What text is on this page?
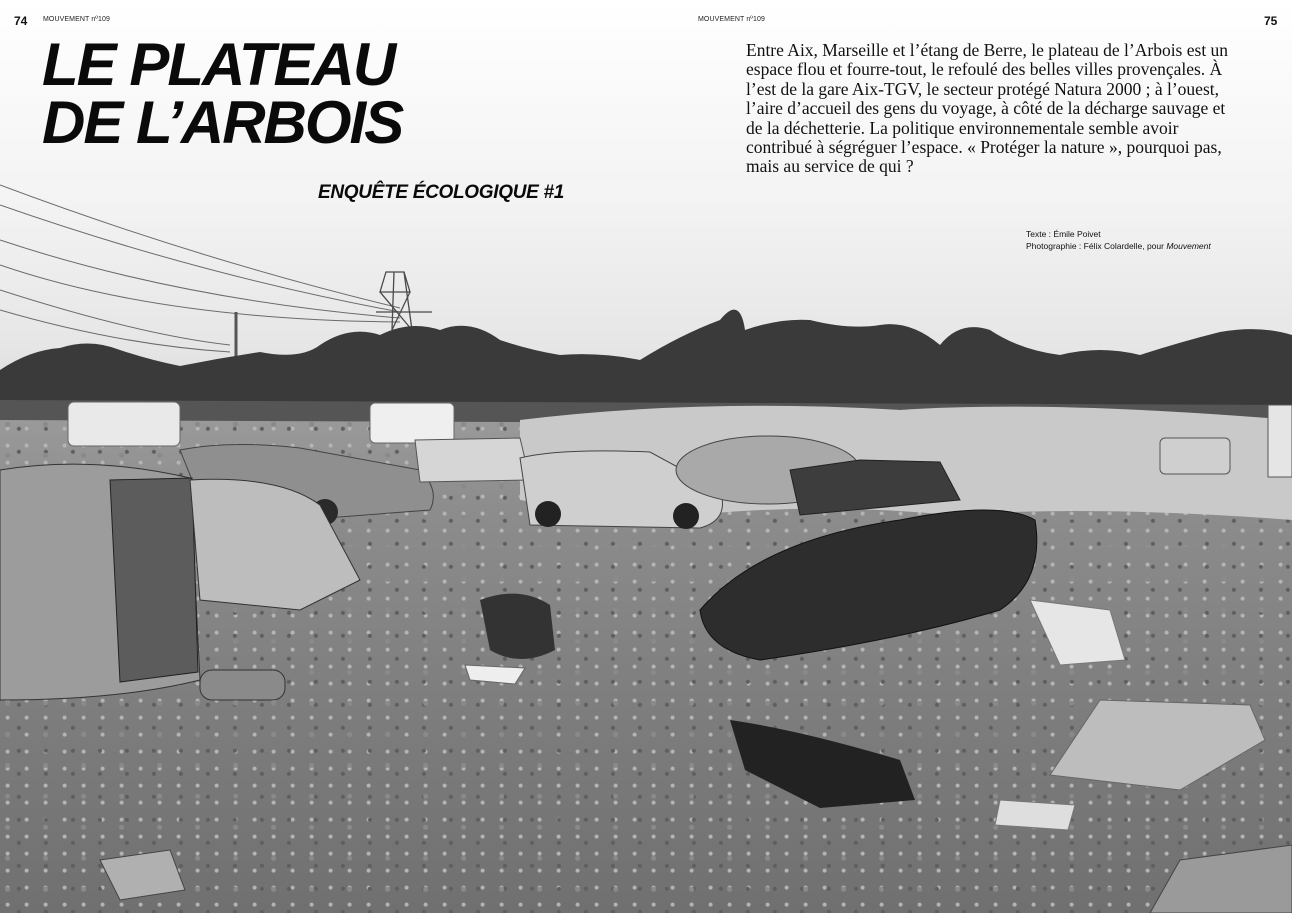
74 MOUVEMENT nº109	MOUVEMENT nº109	75
LE PLATEAU
DE L’ARBOIS
ENQUÊTE ÉCOLOGIQUE #1

Entre Aix, Marseille et l’étang de Berre, le plateau de l’Arbois est un espace flou et fourre-tout, le refoulé des belles villes provençales. À l’est de la gare Aix-TGV, le secteur protégé Natura 2000 ; à l’ouest, l’aire d’accueil des gens du voyage, à côté de la décharge sauvage et de la déchetterie. La politique environnementale semble avoir contribué à ségréguer l’espace. « Protéger la nature », pourquoi pas, mais au service de qui ?

Texte : Émile Poivet
Photographie : Félix Colardelle, pour Mouvement
